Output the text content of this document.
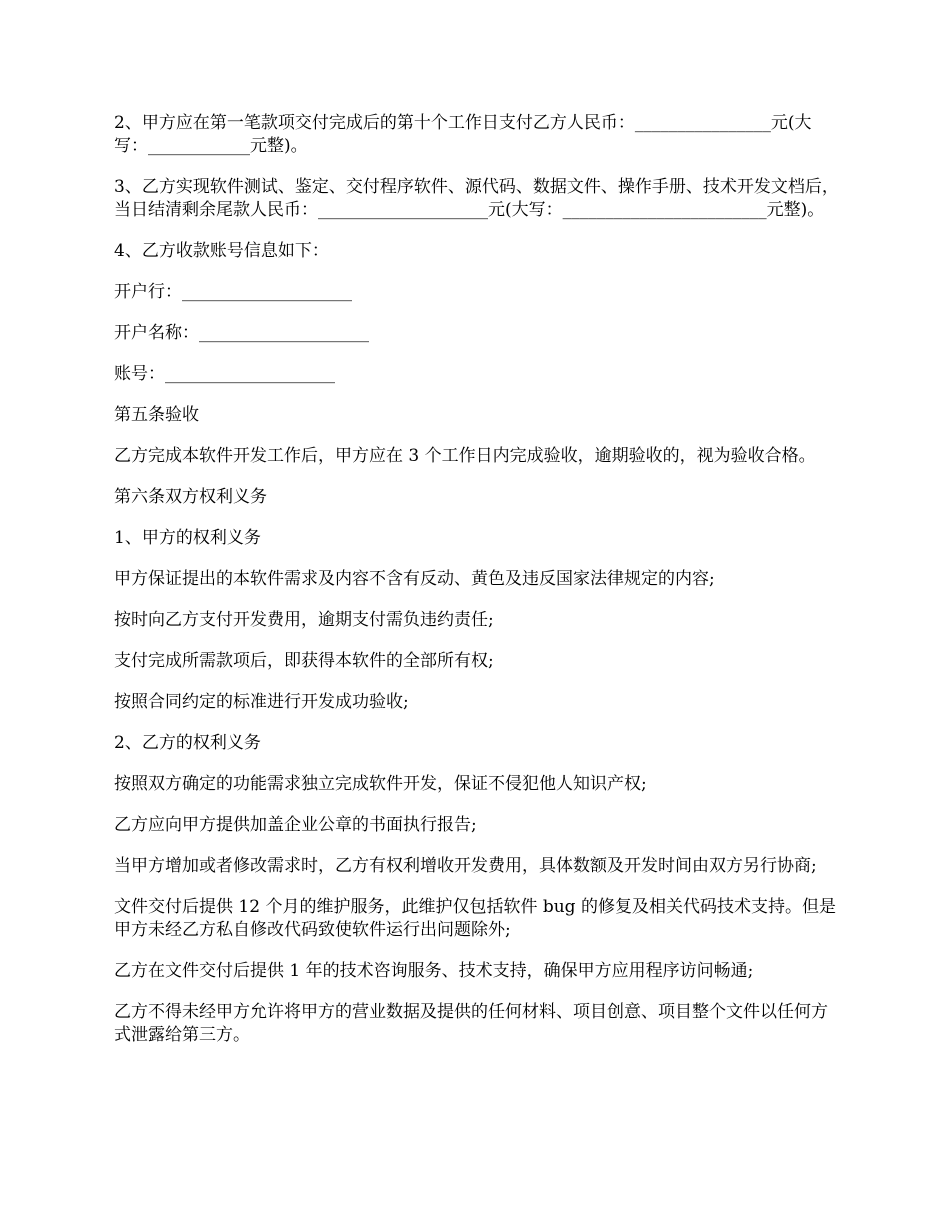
2、甲方应在第一笔款项交付完成后的第十个工作日支付乙方人民币：________________元(大写：____________元整)。

3、乙方实现软件测试、鉴定、交付程序软件、源代码、数据文件、操作手册、技术开发文档后，当日结清剩余尾款人民币：____________________元(大写：________________________元整)。

4、乙方收款账号信息如下：

开户行：____________________

开户名称：____________________

账号：____________________

第五条验收

乙方完成本软件开发工作后，甲方应在 3 个工作日内完成验收，逾期验收的，视为验收合格。

第六条双方权利义务

1、甲方的权利义务

甲方保证提出的本软件需求及内容不含有反动、黄色及违反国家法律规定的内容;

按时向乙方支付开发费用，逾期支付需负违约责任;

支付完成所需款项后，即获得本软件的全部所有权;

按照合同约定的标准进行开发成功验收;

2、乙方的权利义务

按照双方确定的功能需求独立完成软件开发，保证不侵犯他人知识产权;

乙方应向甲方提供加盖企业公章的书面执行报告;

当甲方增加或者修改需求时，乙方有权利增收开发费用，具体数额及开发时间由双方另行协商;

文件交付后提供 12 个月的维护服务，此维护仅包括软件 bug 的修复及相关代码技术支持。但是甲方未经乙方私自修改代码致使软件运行出问题除外;

乙方在文件交付后提供 1 年的技术咨询服务、技术支持，确保甲方应用程序访问畅通;

乙方不得未经甲方允许将甲方的营业数据及提供的任何材料、项目创意、项目整个文件以任何方式泄露给第三方。
